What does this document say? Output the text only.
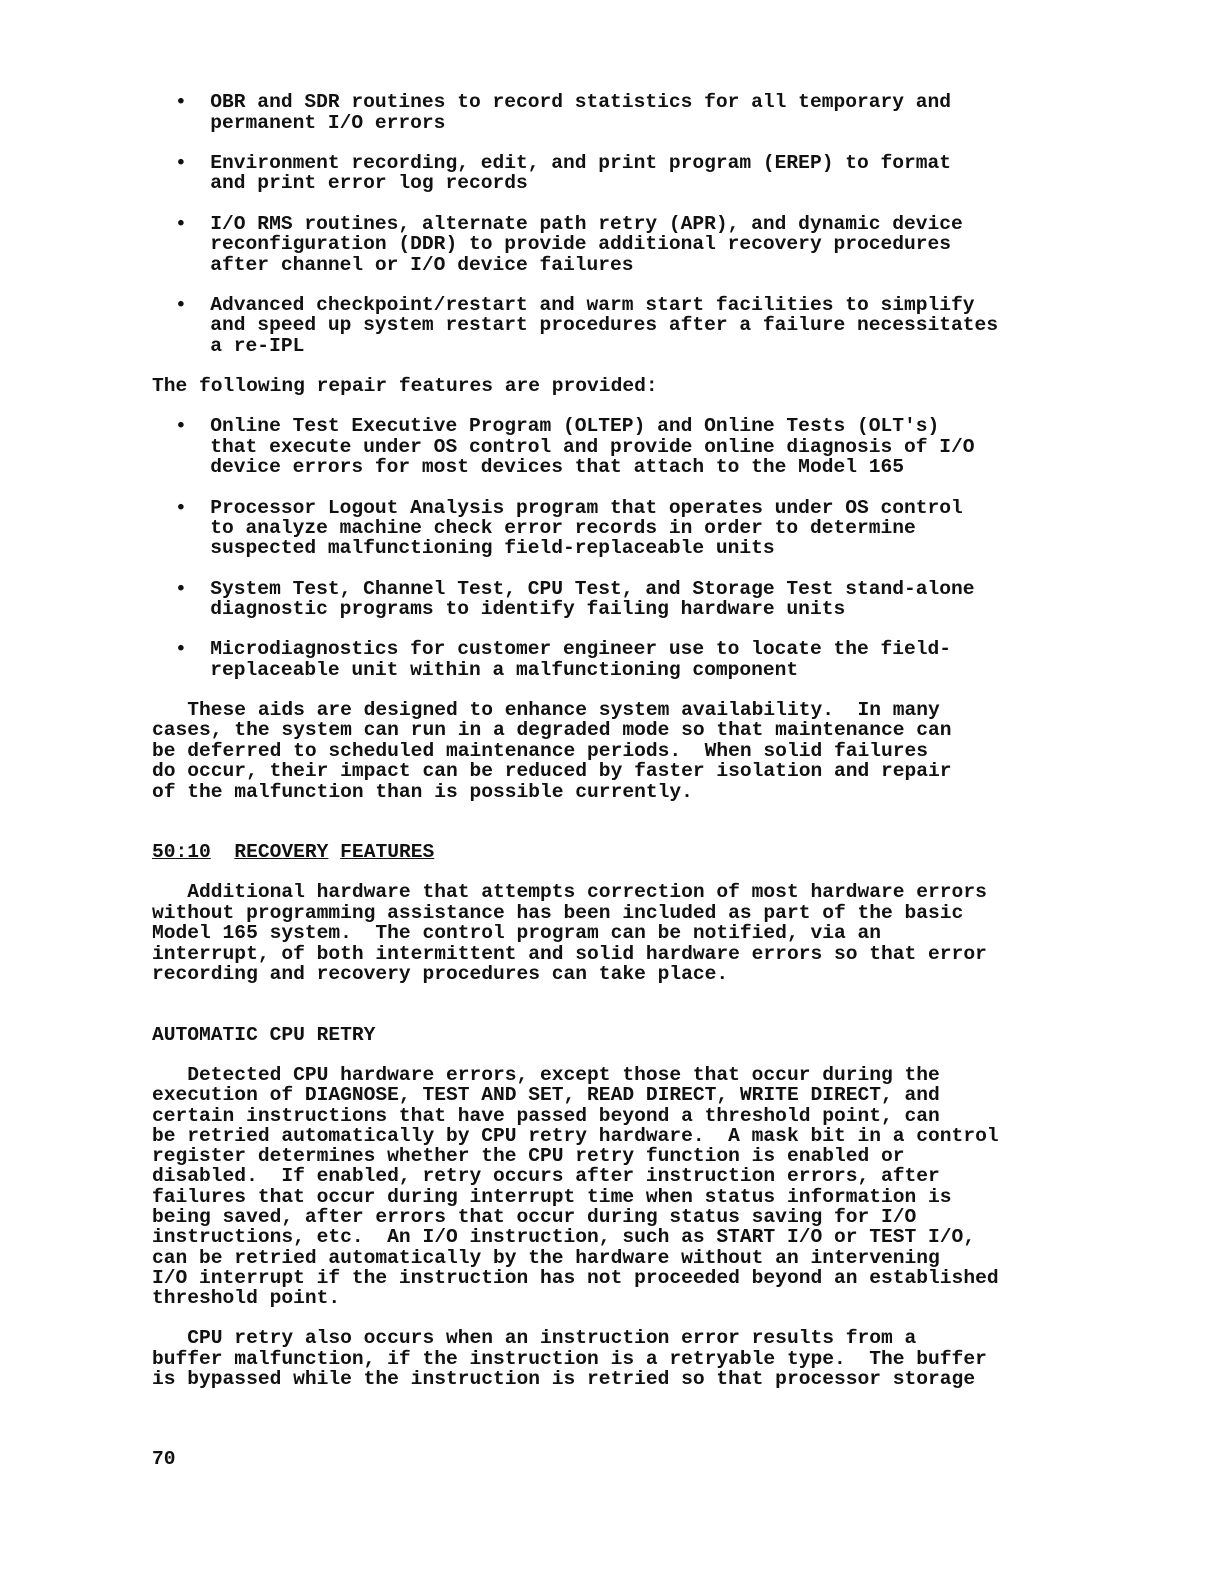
•  OBR and SDR routines to record statistics for all temporary and
permanent I/O errors
•  Environment recording, edit, and print program (EREP) to format
and print error log records
•  I/O RMS routines, alternate path retry (APR), and dynamic device
reconfiguration (DDR) to provide additional recovery procedures
after channel or I/O device failures
•  Advanced checkpoint/restart and warm start facilities to simplify
and speed up system restart procedures after a failure necessitates
a re-IPL
The following repair features are provided:
•  Online Test Executive Program (OLTEP) and Online Tests (OLT's)
that execute under OS control and provide online diagnosis of I/O
device errors for most devices that attach to the Model 165
•  Processor Logout Analysis program that operates under OS control
to analyze machine check error records in order to determine
suspected malfunctioning field-replaceable units
•  System Test, Channel Test, CPU Test, and Storage Test stand-alone
diagnostic programs to identify failing hardware units
•  Microdiagnostics for customer engineer use to locate the field-
replaceable unit within a malfunctioning component
These aids are designed to enhance system availability.  In many
cases, the system can run in a degraded mode so that maintenance can
be deferred to scheduled maintenance periods.  When solid failures
do occur, their impact can be reduced by faster isolation and repair
of the malfunction than is possible currently.
50:10 RECOVERY FEATURES
Additional hardware that attempts correction of most hardware errors
without programming assistance has been included as part of the basic
Model 165 system.  The control program can be notified, via an
interrupt, of both intermittent and solid hardware errors so that error
recording and recovery procedures can take place.
AUTOMATIC CPU RETRY
Detected CPU hardware errors, except those that occur during the
execution of DIAGNOSE, TEST AND SET, READ DIRECT, WRITE DIRECT, and
certain instructions that have passed beyond a threshold point, can
be retried automatically by CPU retry hardware.  A mask bit in a control
register determines whether the CPU retry function is enabled or
disabled.  If enabled, retry occurs after instruction errors, after
failures that occur during interrupt time when status information is
being saved, after errors that occur during status saving for I/O
instructions, etc.  An I/O instruction, such as START I/O or TEST I/O,
can be retried automatically by the hardware without an intervening
I/O interrupt if the instruction has not proceeded beyond an established
threshold point.
CPU retry also occurs when an instruction error results from a
buffer malfunction, if the instruction is a retryable type.  The buffer
is bypassed while the instruction is retried so that processor storage
70
